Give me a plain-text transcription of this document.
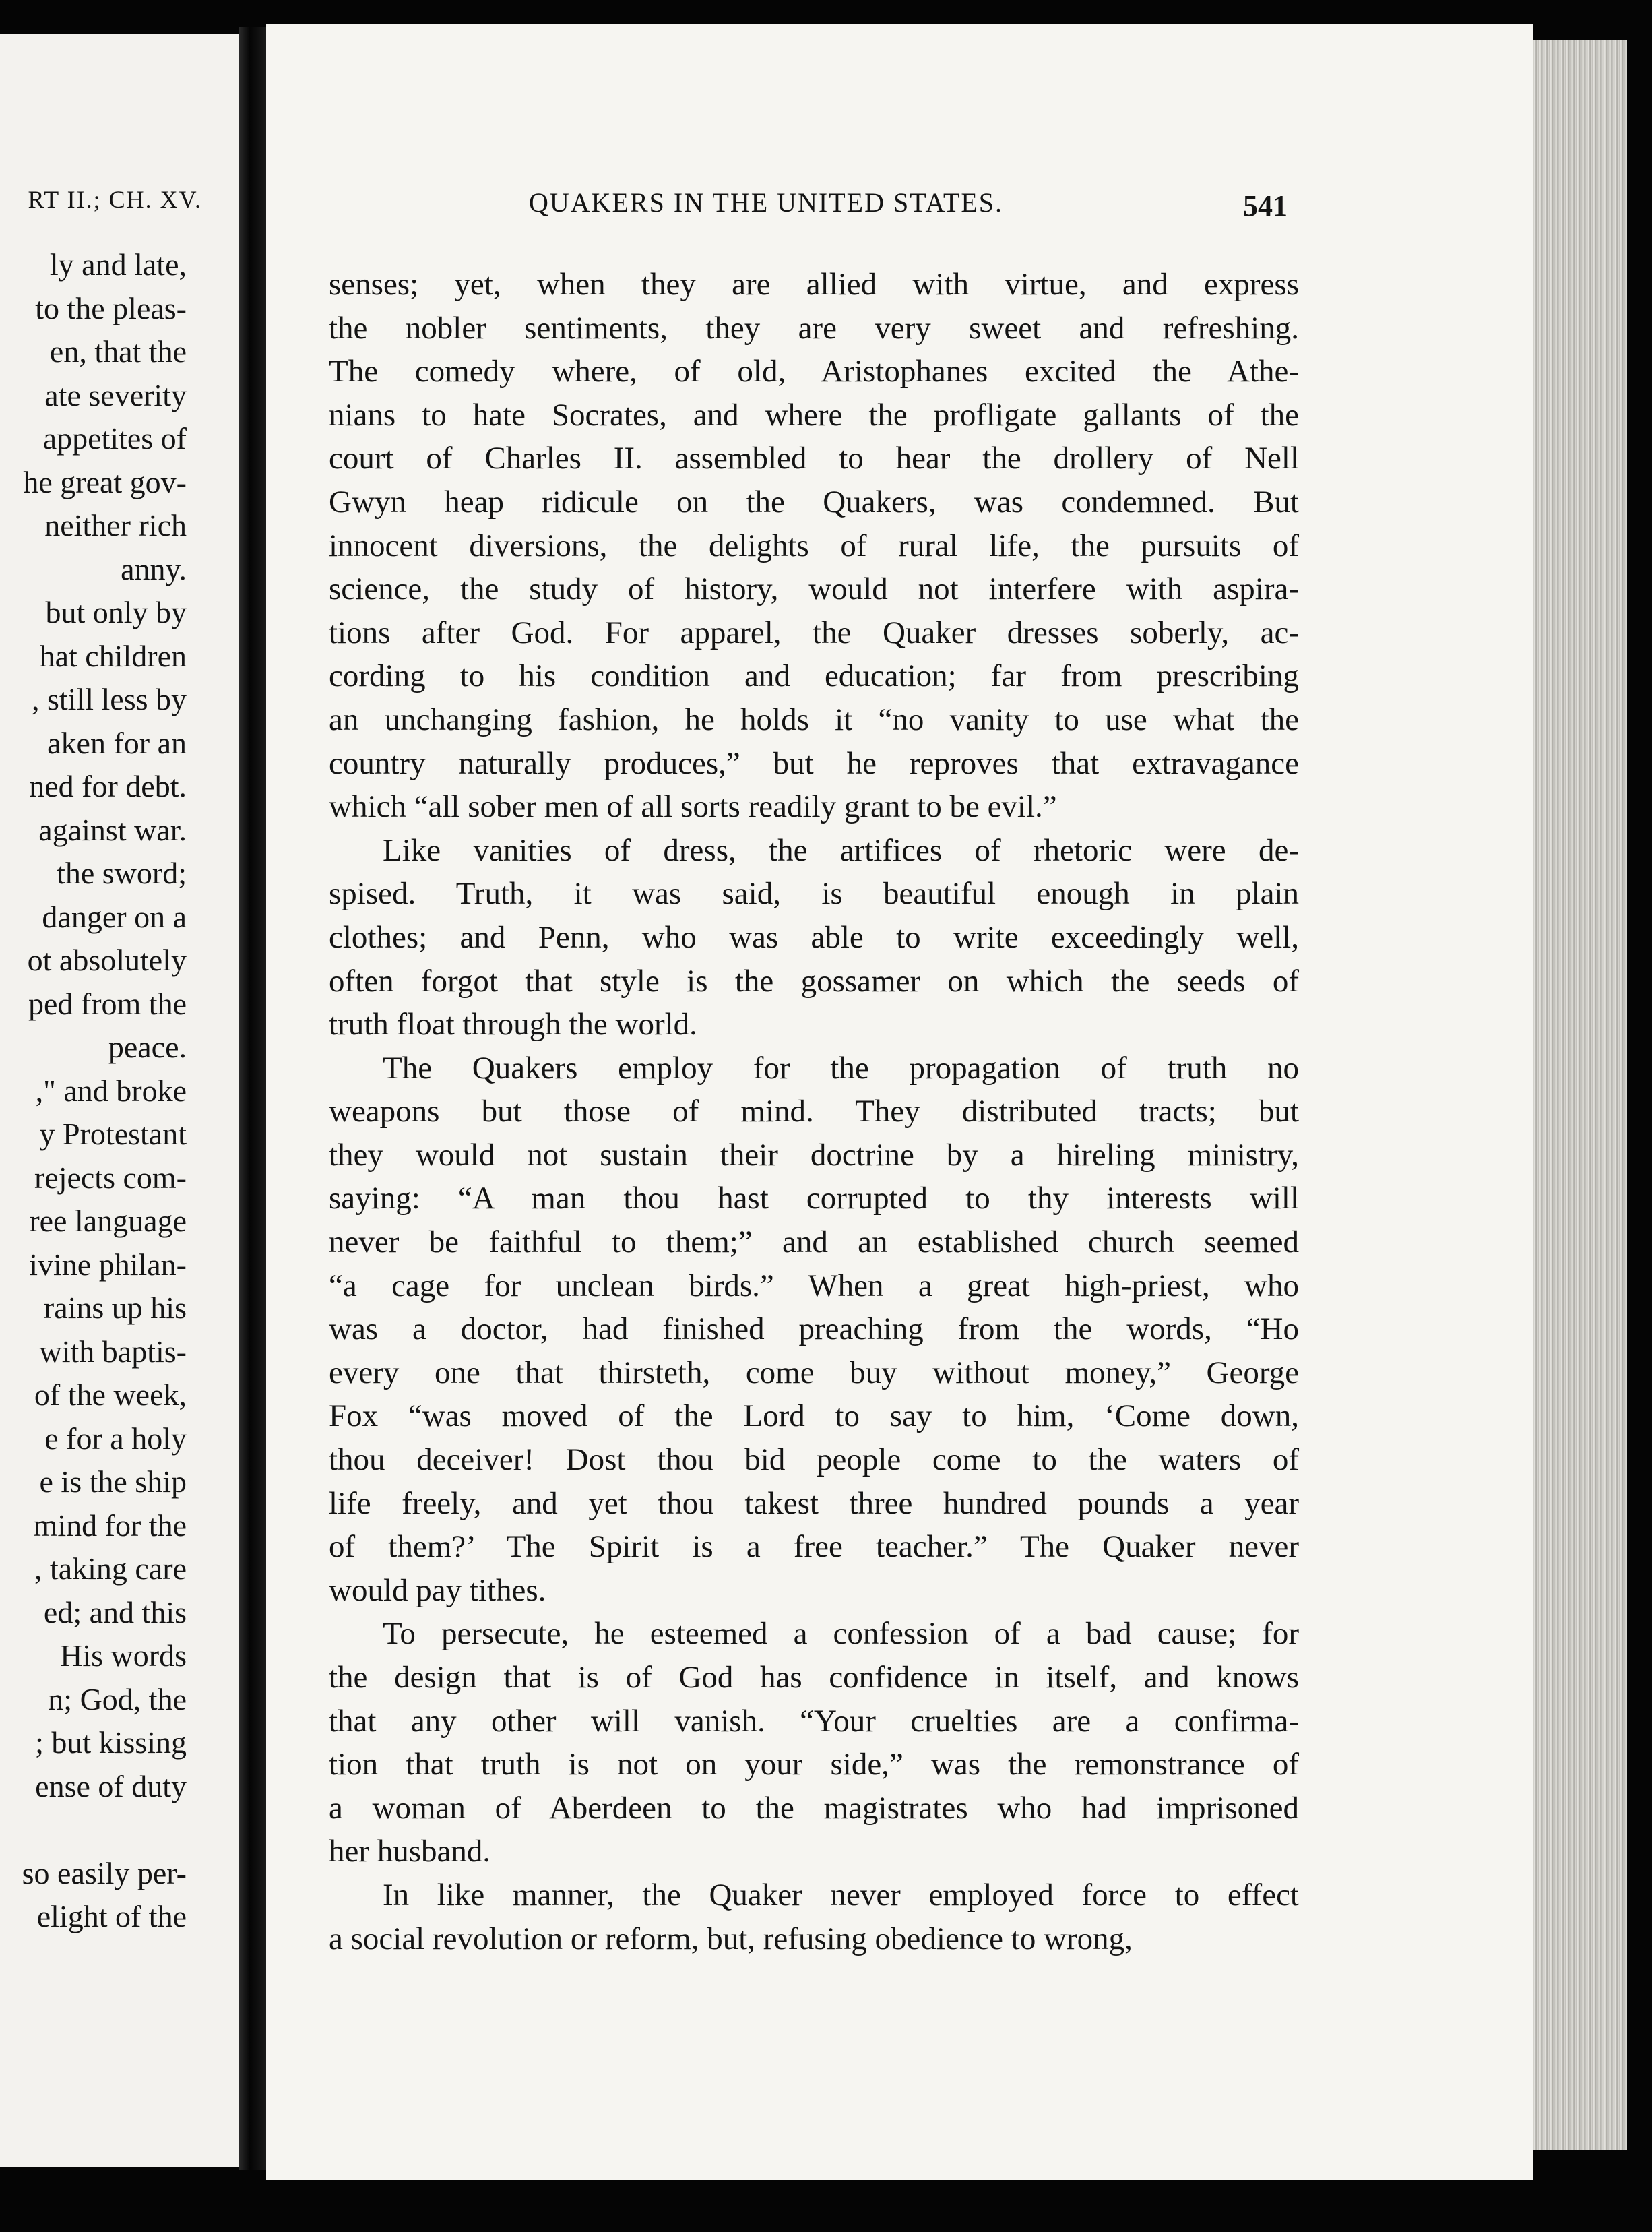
RT II.; CH. XV.
ly and late,
to the pleas-
en, that the
ate severity
appetites of
he great gov-
neither rich
anny.
but only by
hat children
, still less by
aken for an
ned for debt.
against war.
the sword;
danger on a
ot absolutely
ped from the
peace.
," and broke
y Protestant
rejects com-
ree language
ivine philan-
rains up his
with baptis-
of the week,
e for a holy
e is the ship
mind for the
, taking care
ed; and this
His words
n; God, the
; but kissing
ense of duty
so easily per-
elight of the
QUAKERS IN THE UNITED STATES.	541
senses; yet, when they are allied with virtue, and express
the nobler sentiments, they are very sweet and refreshing.
The comedy where, of old, Aristophanes excited the Athe-
nians to hate Socrates, and where the profligate gallants of the
court of Charles II. assembled to hear the drollery of Nell
Gwyn heap ridicule on the Quakers, was condemned. But
innocent diversions, the delights of rural life, the pursuits of
science, the study of history, would not interfere with aspira-
tions after God. For apparel, the Quaker dresses soberly, ac-
cording to his condition and education; far from prescribing
an unchanging fashion, he holds it “no vanity to use what the
country naturally produces,” but he reproves that extravagance
which “all sober men of all sorts readily grant to be evil.”
Like vanities of dress, the artifices of rhetoric were de-
spised. Truth, it was said, is beautiful enough in plain
clothes; and Penn, who was able to write exceedingly well,
often forgot that style is the gossamer on which the seeds of
truth float through the world.
The Quakers employ for the propagation of truth no
weapons but those of mind. They distributed tracts; but
they would not sustain their doctrine by a hireling ministry,
saying: “A man thou hast corrupted to thy interests will
never be faithful to them;” and an established church seemed
“a cage for unclean birds.” When a great high-priest, who
was a doctor, had finished preaching from the words, “Ho
every one that thirsteth, come buy without money,” George
Fox “was moved of the Lord to say to him, ‘Come down,
thou deceiver! Dost thou bid people come to the waters of
life freely, and yet thou takest three hundred pounds a year
of them?’ The Spirit is a free teacher.” The Quaker never
would pay tithes.
To persecute, he esteemed a confession of a bad cause; for
the design that is of God has confidence in itself, and knows
that any other will vanish. “Your cruelties are a confirma-
tion that truth is not on your side,” was the remonstrance of
a woman of Aberdeen to the magistrates who had imprisoned
her husband.
In like manner, the Quaker never employed force to effect
a social revolution or reform, but, refusing obedience to wrong,
